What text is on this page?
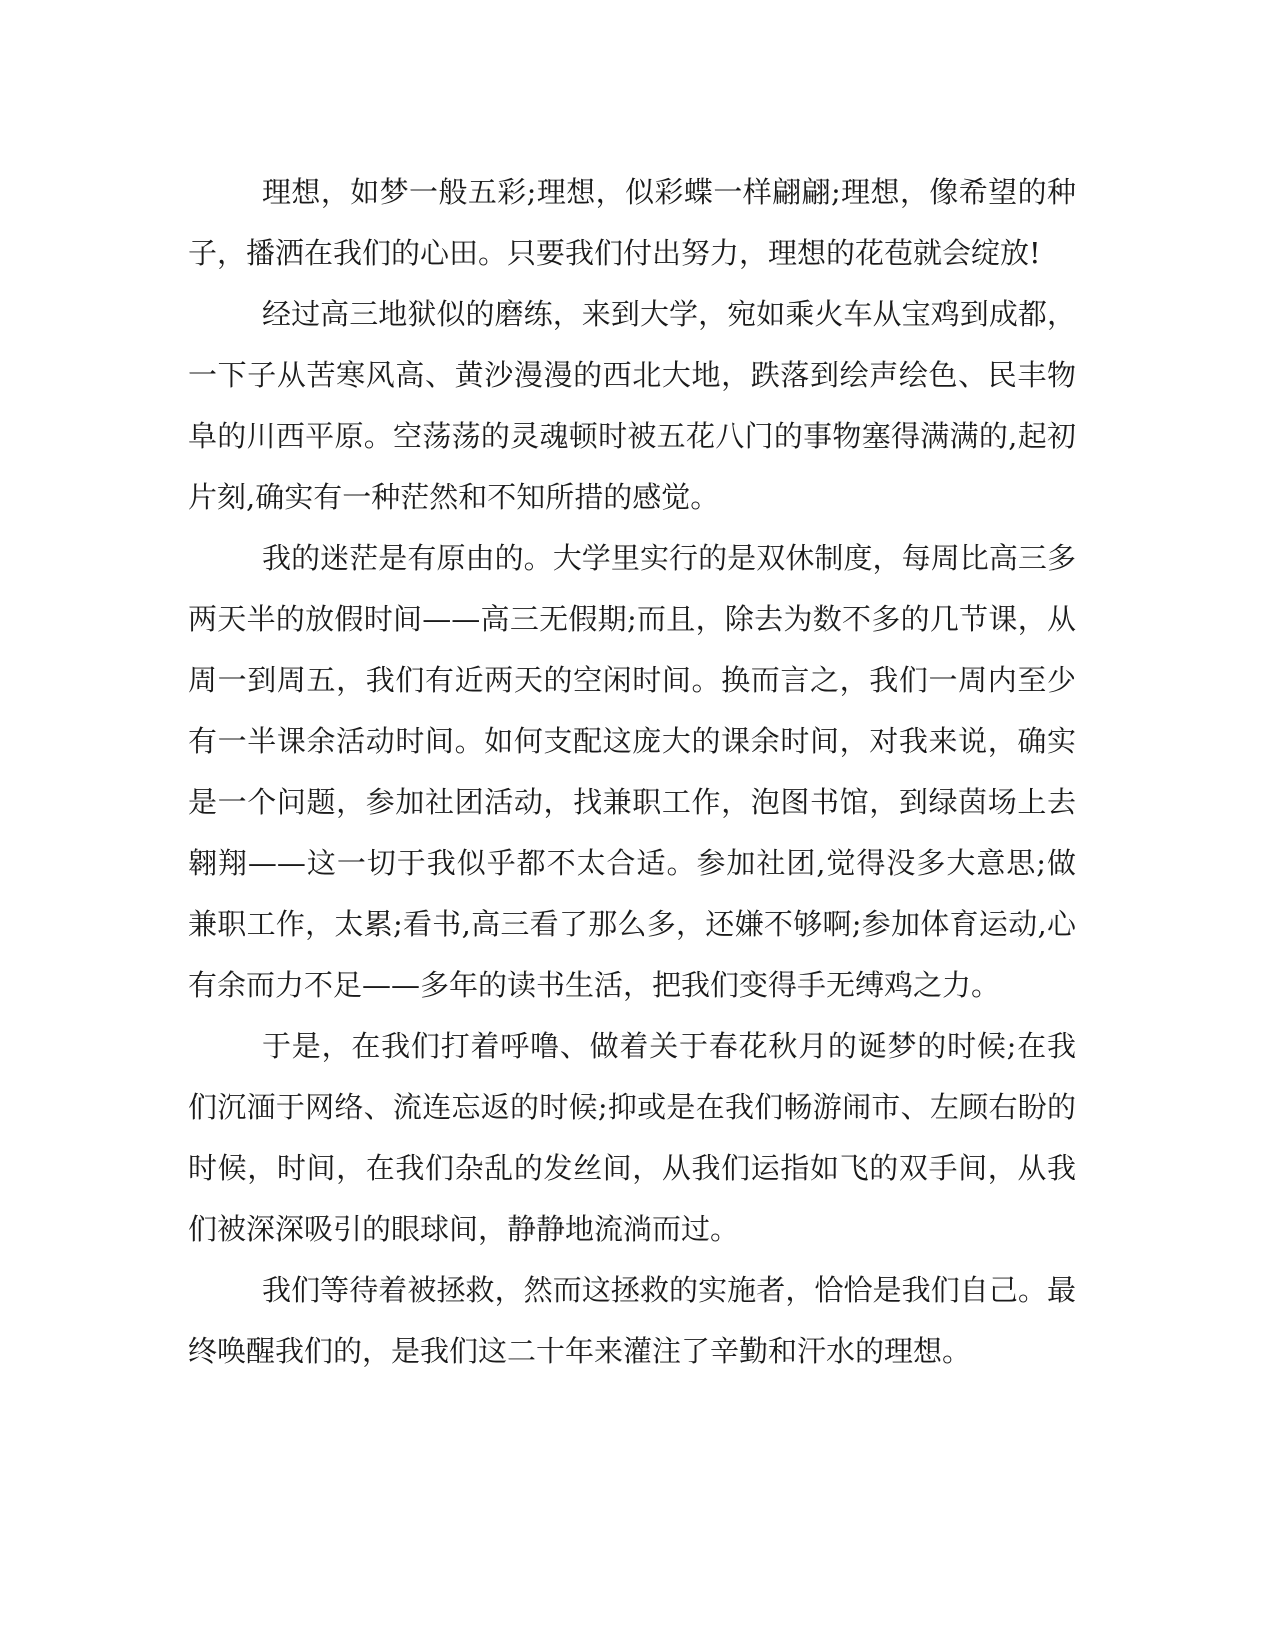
理想，如梦一般五彩;理想，似彩蝶一样翩翩;理想，像希望的种子，播洒在我们的心田。只要我们付出努力，理想的花苞就会绽放!

经过高三地狱似的磨练，来到大学，宛如乘火车从宝鸡到成都，一下子从苦寒风高、黄沙漫漫的西北大地，跌落到绘声绘色、民丰物阜的川西平原。空荡荡的灵魂顿时被五花八门的事物塞得满满的,起初片刻,确实有一种茫然和不知所措的感觉。

我的迷茫是有原由的。大学里实行的是双休制度，每周比高三多两天半的放假时间——高三无假期;而且，除去为数不多的几节课，从周一到周五，我们有近两天的空闲时间。换而言之，我们一周内至少有一半课余活动时间。如何支配这庞大的课余时间，对我来说，确实是一个问题，参加社团活动，找兼职工作，泡图书馆，到绿茵场上去翱翔——这一切于我似乎都不太合适。参加社团,觉得没多大意思;做兼职工作，太累;看书,高三看了那么多，还嫌不够啊;参加体育运动,心有余而力不足——多年的读书生活，把我们变得手无缚鸡之力。

于是，在我们打着呼噜、做着关于春花秋月的诞梦的时候;在我们沉湎于网络、流连忘返的时候;抑或是在我们畅游闹市、左顾右盼的时候，时间，在我们杂乱的发丝间，从我们运指如飞的双手间，从我们被深深吸引的眼球间，静静地流淌而过。

我们等待着被拯救，然而这拯救的实施者，恰恰是我们自己。最终唤醒我们的，是我们这二十年来灌注了辛勤和汗水的理想。
